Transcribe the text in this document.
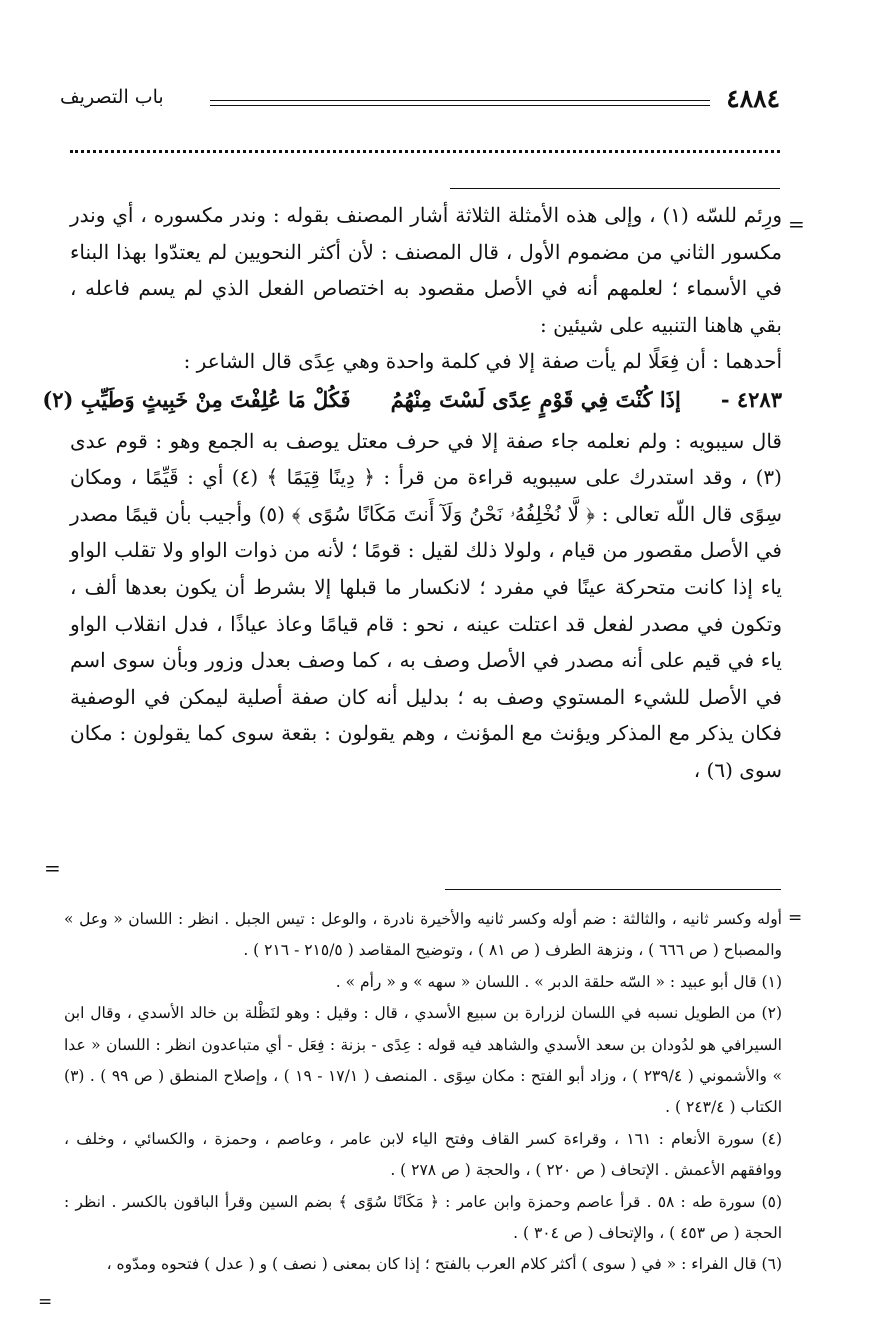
٤٨٨٤
باب التصريف
=

ورِئم للسّه (١) ، وإلى هذه الأمثلة الثلاثة أشار المصنف بقوله : وندر مكسوره ، أي وندر مكسور الثاني من مضموم الأول ، قال المصنف : لأن أكثر النحويين لم يعتدّوا بهذا البناء في الأسماء ؛ لعلمهم أنه في الأصل مقصود به اختصاص الفعل الذي لم يسم فاعله ، بقي هاهنا التنبيه على شيئين :

أحدهما : أن فِعَلًا لم يأت صفة إلا في كلمة واحدة وهي عِدًى قال الشاعر :

٤٢٨٣ -
إذَا كُنْتَ فِي قَوْمٍ عِدًى لَسْتَ مِنْهُمُ
فَكُلْ مَا عُلِفْتَ مِنْ خَبِيثٍ وَطَيِّبِ (٢)

قال سيبويه : ولم نعلمه جاء صفة إلا في حرف معتل يوصف به الجمع وهو : قوم عدى (٣) ، وقد استدرك على سيبويه قراءة من قرأ : ﴿ دِينًا قِيَمًا ﴾ (٤) أي : قَيِّمًا ، ومكان سِوًى قال اللّه تعالى : ﴿ لَّا نُخْلِفُهُۥ نَحْنُ وَلَآ أَنتَ مَكَانًا سُوًى ﴾ (٥) وأجيب بأن قيمًا مصدر في الأصل مقصور من قيام ، ولولا ذلك لقيل : قومًا ؛ لأنه من ذوات الواو ولا تقلب الواو ياء إذا كانت متحركة عينًا في مفرد ؛ لانكسار ما قبلها إلا بشرط أن يكون بعدها ألف ، وتكون في مصدر لفعل قد اعتلت عينه ، نحو : قام قيامًا وعاذ عياذًا ، فدل انقلاب الواو ياء في قيم على أنه مصدر في الأصل وصف به ، كما وصف بعدل وزور وبأن سوى اسم في الأصل للشيء المستوي وصف به ؛ بدليل أنه كان صفة أصلية ليمكن في الوصفية فكان يذكر مع المذكر ويؤنث مع المؤنث ، وهم يقولون : بقعة سوى كما يقولون : مكان سوى (٦) ،

=
=

أوله وكسر ثانيه ، والثالثة : ضم أوله وكسر ثانيه والأخيرة نادرة ، والوعل : تيس الجبل . انظر : اللسان « وعل » والمصباح ( ص ٦٦٦ ) ، ونزهة الطرف ( ص ٨١ ) ، وتوضيح المقاصد ( ٢١٥/٥ - ٢١٦ ) .

(١) قال أبو عبيد : « السّه حلقة الدبر » . اللسان « سهه » و « رأم » .

(٢) من الطويل نسبه في اللسان لزرارة بن سبيع الأسدي ، قال : وقيل : وهو لنَظْلة بن خالد الأسدي ، وقال ابن السيرافي هو لدُودان بن سعد الأسدي والشاهد فيه قوله : عِدًى - بزنة : فِعَل - أي متباعدون انظر : اللسان « عدا » والأشموني ( ٢٣٩/٤ ) ، وزاد أبو الفتح : مكان سِوًى . المنصف ( ١٧/١ - ١٩ ) ، وإصلاح المنطق ( ص ٩٩ ) . (٣) الكتاب ( ٢٤٣/٤ ) .

(٤) سورة الأنعام : ١٦١ ، وقراءة كسر القاف وفتح الياء لابن عامر ، وعاصم ، وحمزة ، والكسائي ، وخلف ، ووافقهم الأعمش . الإتحاف ( ص ٢٢٠ ) ، والحجة ( ص ٢٧٨ ) .

(٥) سورة طه : ٥٨ . قرأ عاصم وحمزة وابن عامر : ﴿ مَكَانًا سُوًى ﴾ بضم السين وقرأ الباقون بالكسر . انظر : الحجة ( ص ٤٥٣ ) ، والإتحاف ( ص ٣٠٤ ) .

(٦) قال الفراء : « في ( سوى ) أكثر كلام العرب بالفتح ؛ إذا كان بمعنى ( نصف ) و ( عدل ) فتحوه ومدّوه ،

=
